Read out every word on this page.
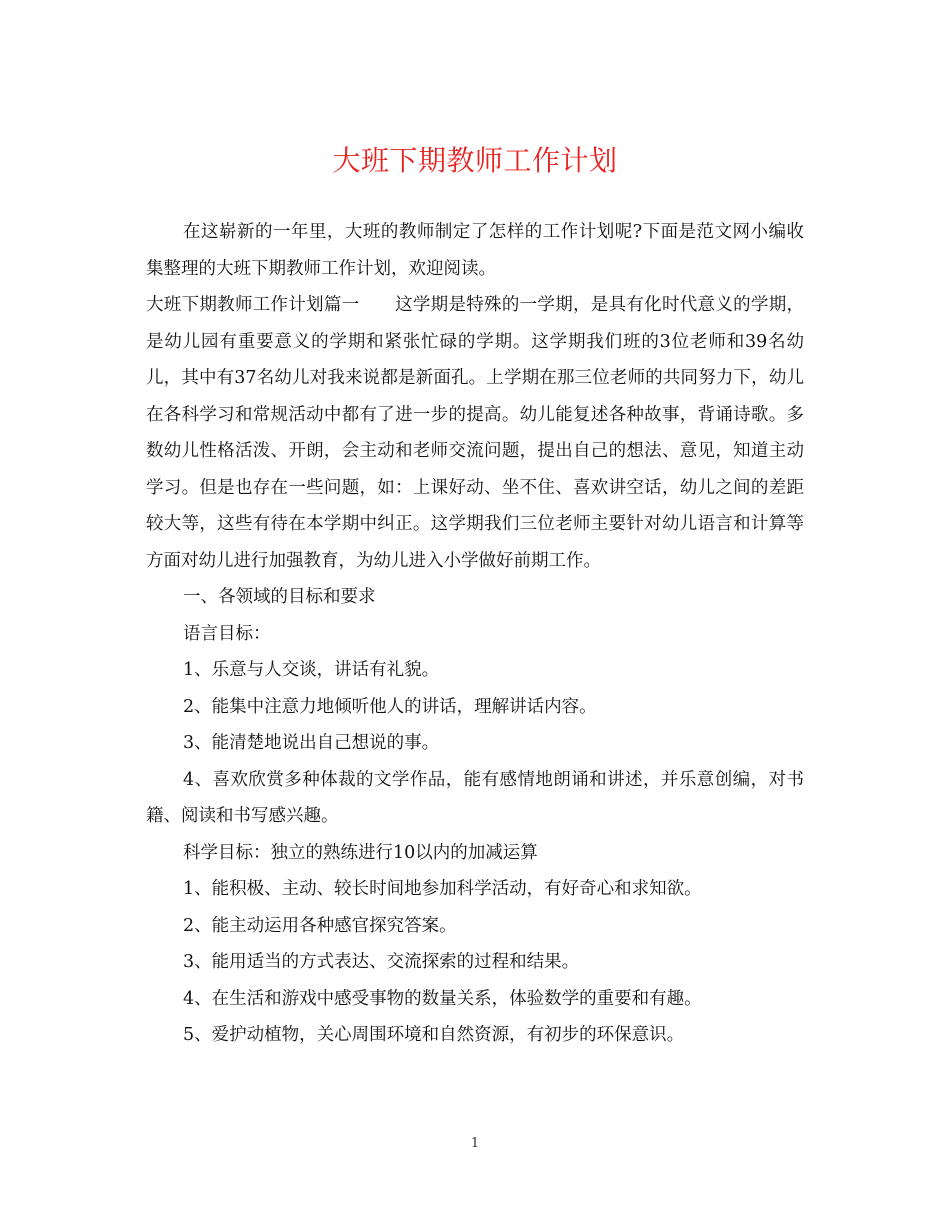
大班下期教师工作计划

在这崭新的一年里，大班的教师制定了怎样的工作计划呢?下面是范文网小编收集整理的大班下期教师工作计划，欢迎阅读。

大班下期教师工作计划篇一　　这学期是特殊的一学期，是具有化时代意义的学期，是幼儿园有重要意义的学期和紧张忙碌的学期。这学期我们班的3位老师和39名幼儿，其中有37名幼儿对我来说都是新面孔。上学期在那三位老师的共同努力下，幼儿在各科学习和常规活动中都有了进一步的提高。幼儿能复述各种故事，背诵诗歌。多数幼儿性格活泼、开朗，会主动和老师交流问题，提出自己的想法、意见，知道主动学习。但是也存在一些问题，如：上课好动、坐不住、喜欢讲空话，幼儿之间的差距较大等，这些有待在本学期中纠正。这学期我们三位老师主要针对幼儿语言和计算等方面对幼儿进行加强教育，为幼儿进入小学做好前期工作。

一、各领域的目标和要求

语言目标：

1、乐意与人交谈，讲话有礼貌。

2、能集中注意力地倾听他人的讲话，理解讲话内容。

3、能清楚地说出自己想说的事。

4、喜欢欣赏多种体裁的文学作品，能有感情地朗诵和讲述，并乐意创编，对书籍、阅读和书写感兴趣。

科学目标：独立的熟练进行10以内的加减运算

1、能积极、主动、较长时间地参加科学活动，有好奇心和求知欲。

2、能主动运用各种感官探究答案。

3、能用适当的方式表达、交流探索的过程和结果。

4、在生活和游戏中感受事物的数量关系，体验数学的重要和有趣。

5、爱护动植物，关心周围环境和自然资源，有初步的环保意识。

1
